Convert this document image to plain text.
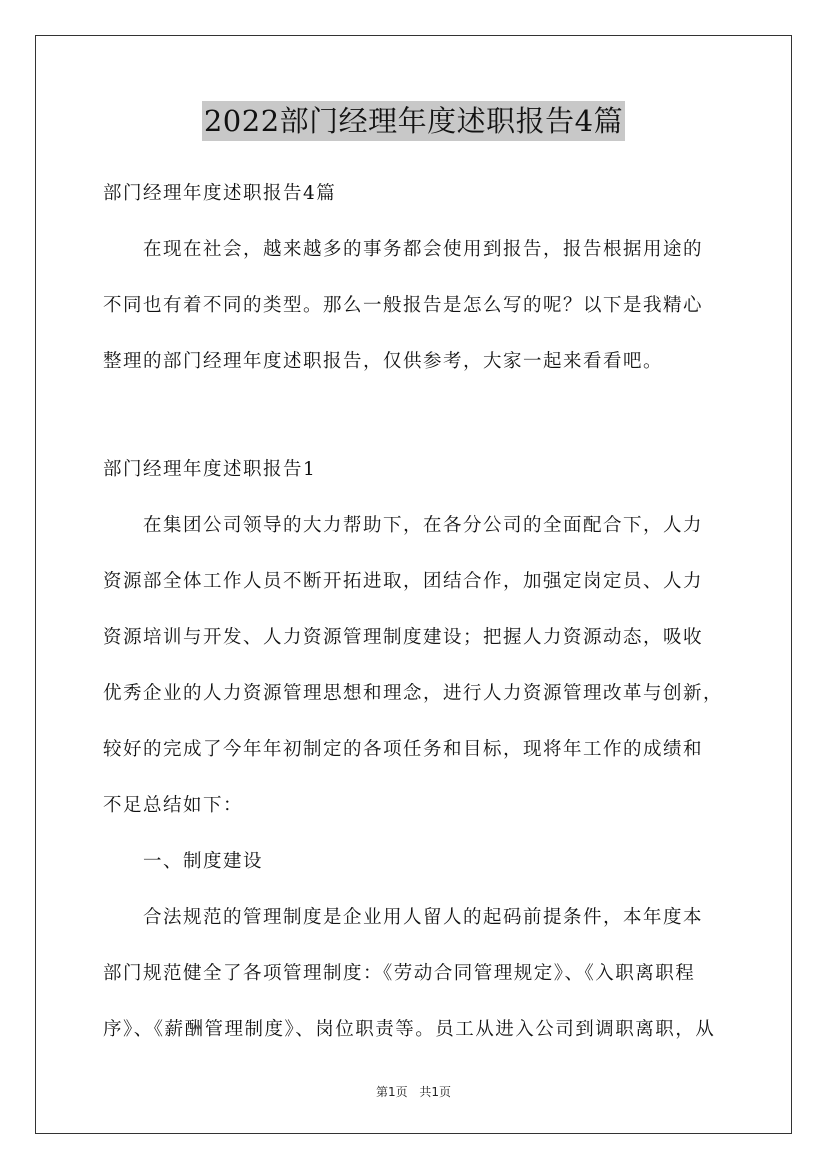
2022部门经理年度述职报告4篇
部门经理年度述职报告4篇
在现在社会，越来越多的事务都会使用到报告，报告根据用途的
不同也有着不同的类型。那么一般报告是怎么写的呢？以下是我精心
整理的部门经理年度述职报告，仅供参考，大家一起来看看吧。
部门经理年度述职报告1
在集团公司领导的大力帮助下，在各分公司的全面配合下，人力
资源部全体工作人员不断开拓进取，团结合作，加强定岗定员、人力
资源培训与开发、人力资源管理制度建设；把握人力资源动态，吸收
优秀企业的人力资源管理思想和理念，进行人力资源管理改革与创新，
较好的完成了今年年初制定的各项任务和目标，现将年工作的成绩和
不足总结如下：
一、制度建设
合法规范的管理制度是企业用人留人的起码前提条件，本年度本
部门规范健全了各项管理制度：《劳动合同管理规定》、《入职离职程
序》、《薪酬管理制度》、岗位职责等。员工从进入公司到调职离职，从
第1页 共1页
